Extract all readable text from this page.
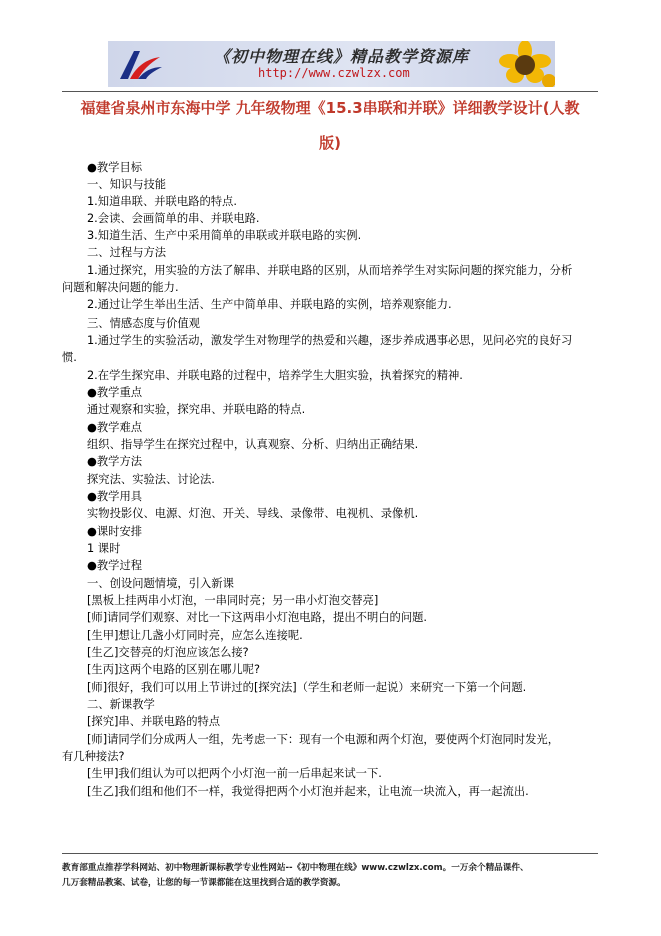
《初中物理在线》精品教学资源库
http://www.czwlzx.com
福建省泉州市东海中学 九年级物理《15.3串联和并联》详细教学设计(人教
版)
●教学目标
一、知识与技能
1.知道串联、并联电路的特点.
2.会读、会画简单的串、并联电路.
3.知道生活、生产中采用简单的串联或并联电路的实例.
二、过程与方法
1.通过探究，用实验的方法了解串、并联电路的区别，从而培养学生对实际问题的探究能力，分析
问题和解决问题的能力.
2.通过让学生举出生活、生产中简单串、并联电路的实例，培养观察能力.
三、情感态度与价值观
1.通过学生的实验活动，激发学生对物理学的热爱和兴趣，逐步养成遇事必思，见问必究的良好习
惯.
2.在学生探究串、并联电路的过程中，培养学生大胆实验，执着探究的精神.
●教学重点
通过观察和实验，探究串、并联电路的特点.
●教学难点
组织、指导学生在探究过程中，认真观察、分析、归纳出正确结果.
●教学方法
探究法、实验法、讨论法.
●教学用具
实物投影仪、电源、灯泡、开关、导线、录像带、电视机、录像机.
●课时安排
1 课时
●教学过程
一、创设问题情境，引入新课
[黑板上挂两串小灯泡，一串同时亮；另一串小灯泡交替亮]
[师]请同学们观察、对比一下这两串小灯泡电路，提出不明白的问题.
[生甲]想让几盏小灯同时亮，应怎么连接呢.
[生乙]交替亮的灯泡应该怎么接?
[生丙]这两个电路的区别在哪儿呢?
[师]很好，我们可以用上节讲过的[探究法]（学生和老师一起说）来研究一下第一个问题.
二、新课教学
[探究]串、并联电路的特点
[师]请同学们分成两人一组，先考虑一下：现有一个电源和两个灯泡，要使两个灯泡同时发光，
有几种接法?
[生甲]我们组认为可以把两个小灯泡一前一后串起来试一下.
[生乙]我们组和他们不一样，我觉得把两个小灯泡并起来，让电流一块流入，再一起流出.
教育部重点推荐学科网站、初中物理新课标教学专业性网站--《初中物理在线》www.czwlzx.com。一万余个精品课件、
几万套精品教案、试卷，让您的每一节课都能在这里找到合适的教学资源。
